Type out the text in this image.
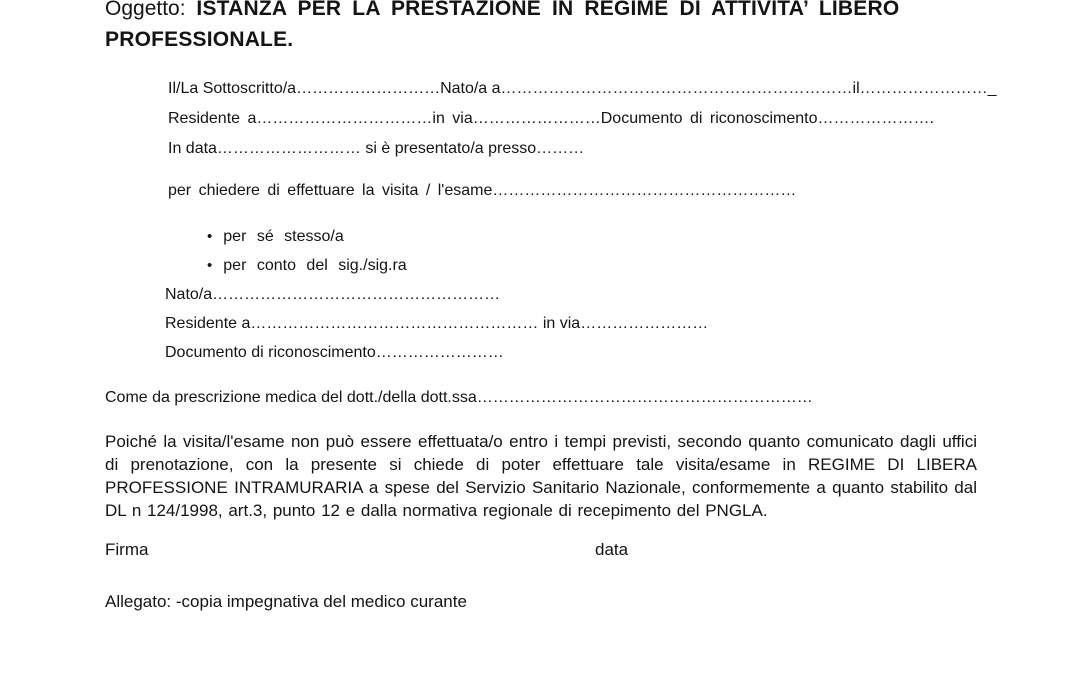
Oggetto: ISTANZA PER LA PRESTAZIONE IN REGIME DI ATTIVITA’ LIBERO
PROFESSIONALE.

Il/La Sottoscritto/a………………………Nato/a a…………………………………………………………il……………………_

Residente a……………………………in via……………………Documento di riconoscimento………………….

In data……………………… si è presentato/a presso………

per chiedere di effettuare la visita / l'esame…………………………………………………

• per sé stesso/a
• per conto del sig./sig.ra

Nato/a………………………………………………

Residente a……………………………………………… in via……………………

Documento di riconoscimento……………………

Come da prescrizione medica del dott./della dott.ssa………………………………………………………

Poiché la visita/l'esame non può essere effettuata/o entro i tempi previsti, secondo quanto comunicato dagli uffici di prenotazione, con la presente si chiede di poter effettuare tale visita/esame in REGIME DI LIBERA PROFESSIONE INTRAMURARIA a spese del Servizio Sanitario Nazionale, conformemente a quanto stabilito dal DL n 124/1998, art.3, punto 12 e dalla normativa regionale di recepimento del PNGLA.

Firma	data

Allegato: -copia impegnativa del medico curante
